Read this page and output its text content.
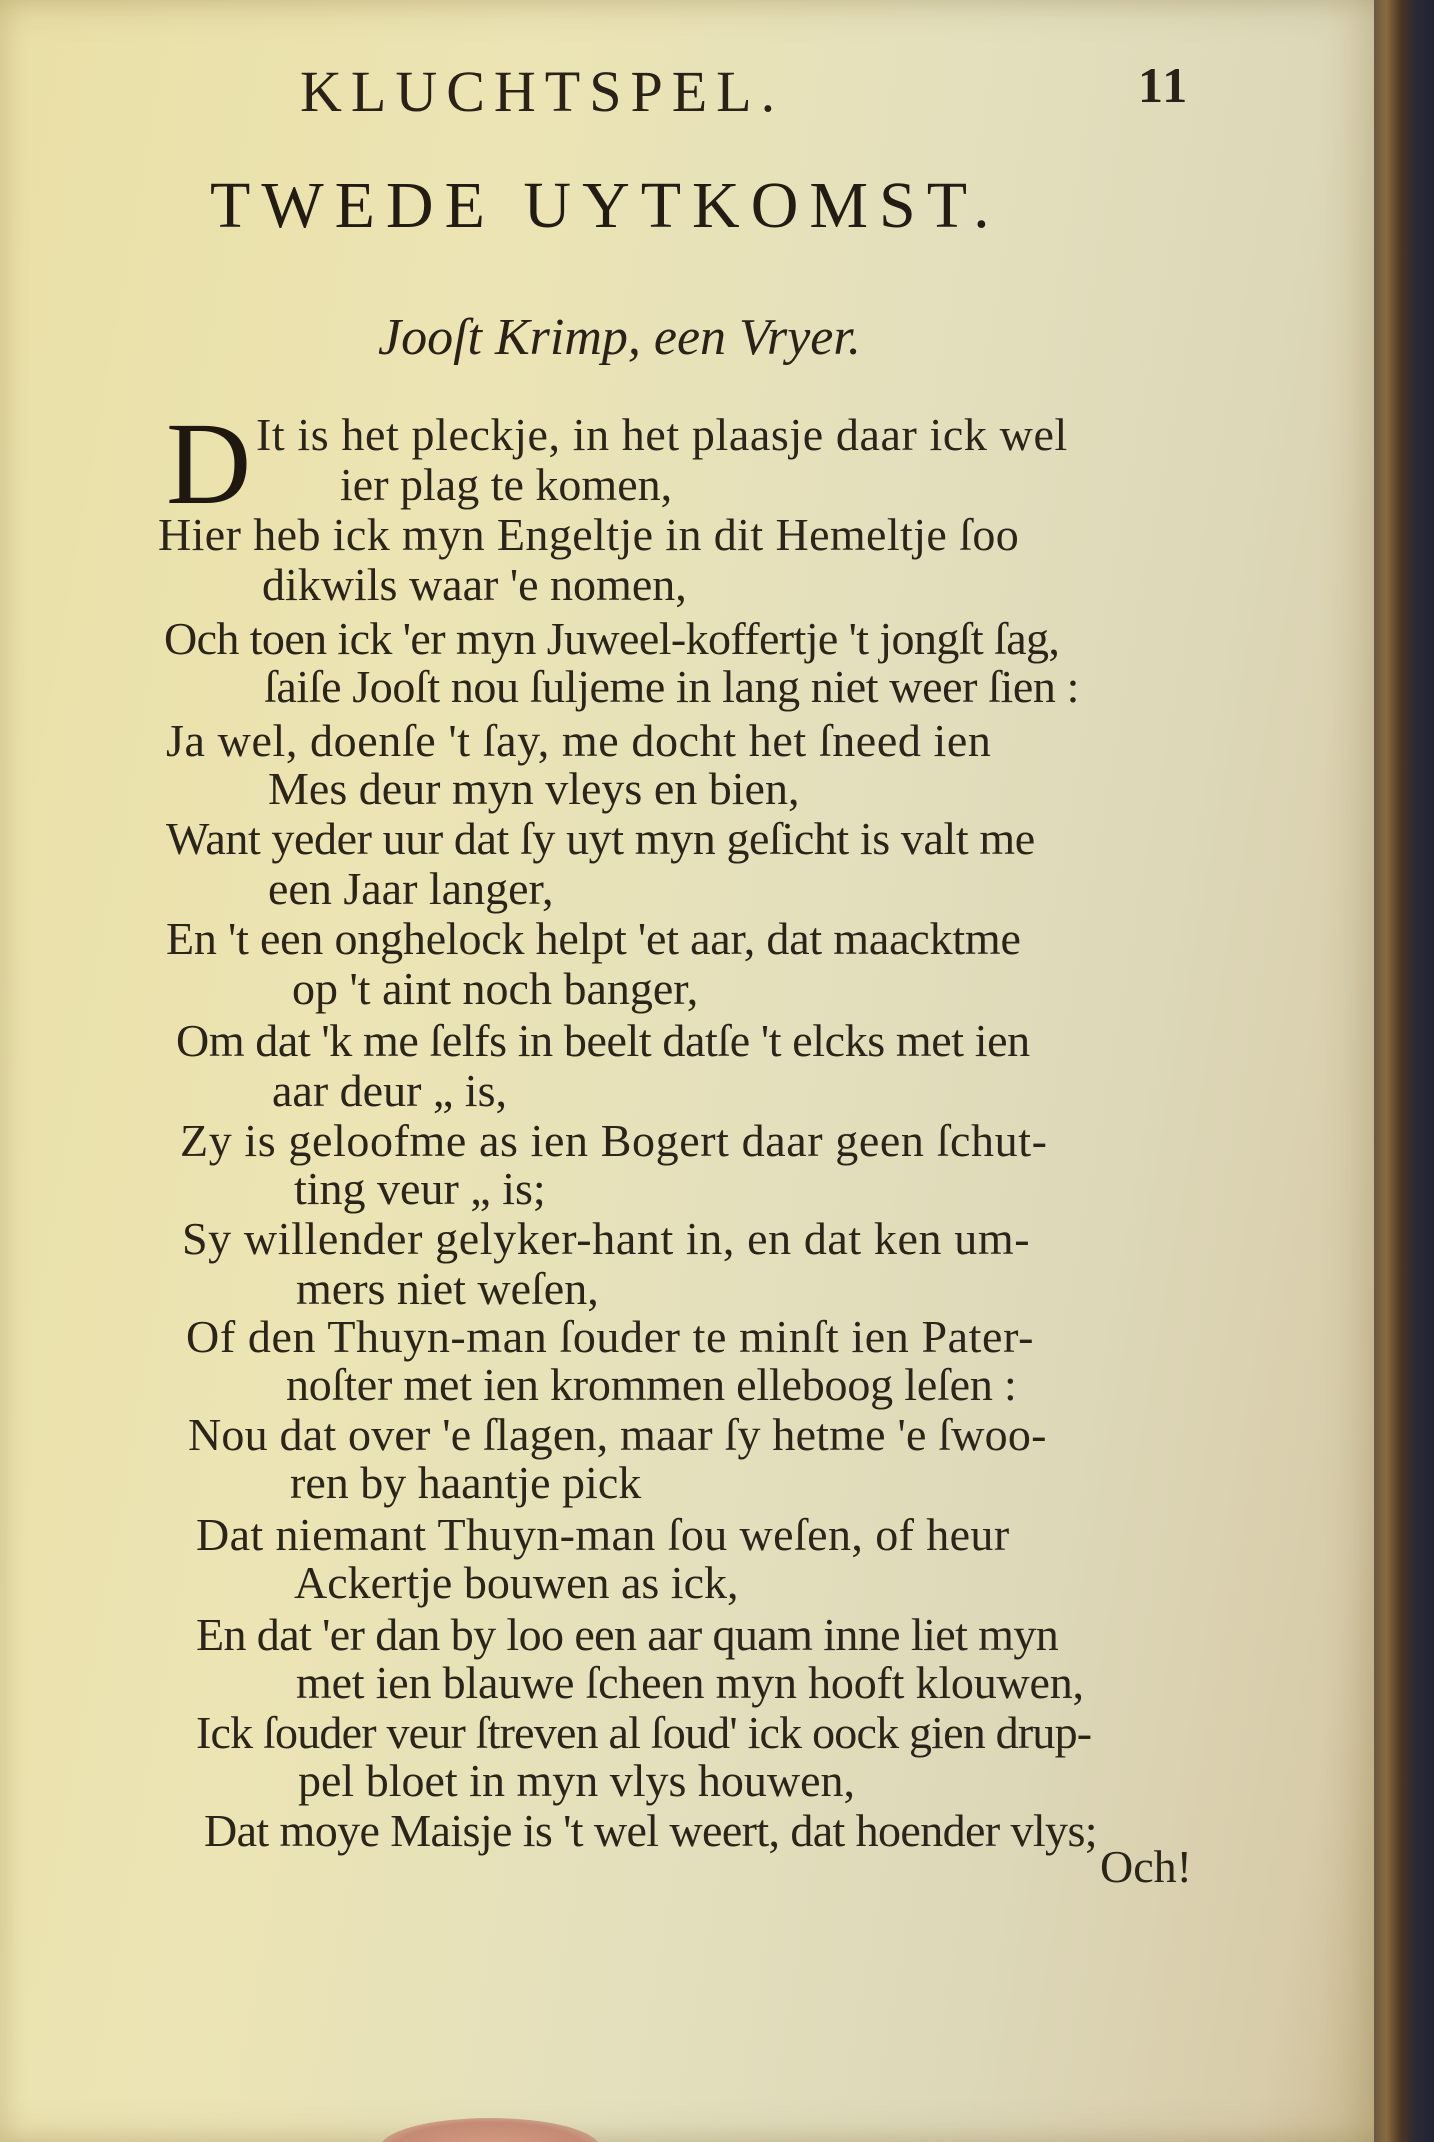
KLUCHTSPEL.	11
TWEDE UYTKOMST.
Jooſt Krimp, een Vryer.
D It is het pleckje, in het plaasje daar ick wel
ier plag te komen,
Hier heb ick myn Engeltje in dit Hemeltje ſoo
dikwils waar 'e nomen,
Och toen ick 'er myn Juweel-koffertje 't jongſt ſag,
ſaiſe Jooſt nou ſuljeme in lang niet weer ſien :
Ja wel, doenſe 't ſay, me docht het ſneed ien
Mes deur myn vleys en bien,
Want yeder uur dat ſy uyt myn geſicht is valt me
een Jaar langer,
En 't een onghelock helpt 'et aar, dat maacktme
op 't aint noch banger,
Om dat 'k me ſelfs in beelt datſe 't elcks met ien
aar deur „ is,
Zy is geloofme as ien Bogert daar geen ſchut-
ting veur „ is;
Sy willender gelyker-hant in, en dat ken um-
mers niet weſen,
Of den Thuyn-man ſouder te minſt ien Pater-
noſter met ien krommen elleboog leſen :
Nou dat over 'e ſlagen, maar ſy hetme 'e ſwoo-
ren by haantje pick
Dat niemant Thuyn-man ſou weſen, of heur
Ackertje bouwen as ick,
En dat 'er dan by loo een aar quam inne liet myn
met ien blauwe ſcheen myn hooft klouwen,
Ick ſouder veur ſtreven al ſoud' ick oock gien drup-
pel bloet in myn vlys houwen,
Dat moye Maisje is 't wel weert, dat hoender vlys;
Och!
